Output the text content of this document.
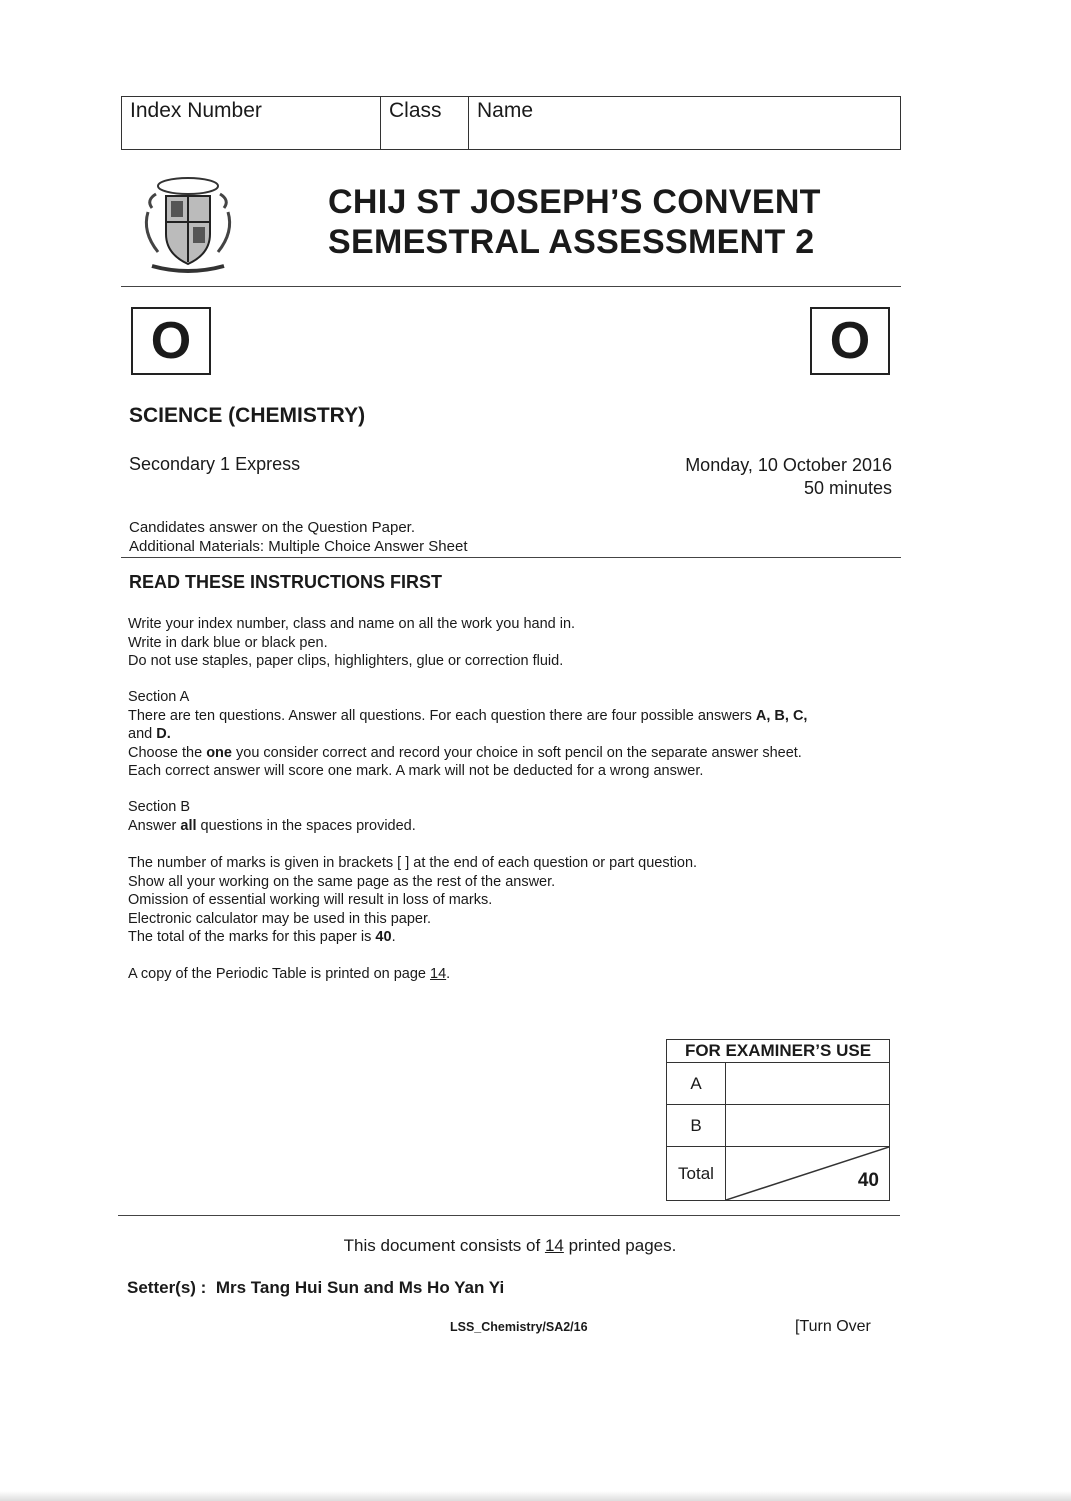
Index Number	Class	Name
CHIJ ST JOSEPH’S CONVENT
SEMESTRAL ASSESSMENT 2
O	O
SCIENCE (CHEMISTRY)
Secondary 1 Express	Monday, 10 October 2016
50 minutes
Candidates answer on the Question Paper.
Additional Materials: Multiple Choice Answer Sheet
READ THESE INSTRUCTIONS FIRST
Write your index number, class and name on all the work you hand in.
Write in dark blue or black pen.
Do not use staples, paper clips, highlighters, glue or correction fluid.
Section A
There are ten questions. Answer all questions. For each question there are four possible answers A, B, C,
and D.
Choose the one you consider correct and record your choice in soft pencil on the separate answer sheet.
Each correct answer will score one mark. A mark will not be deducted for a wrong answer.
Section B
Answer all questions in the spaces provided.
The number of marks is given in brackets [ ] at the end of each question or part question.
Show all your working on the same page as the rest of the answer.
Omission of essential working will result in loss of marks.
Electronic calculator may be used in this paper.
The total of the marks for this paper is 40.
A copy of the Periodic Table is printed on page 14.
FOR EXAMINER’S USE	
A	
B	
Total	40
This document consists of 14 printed pages.
Setter(s) : Mrs Tang Hui Sun and Ms Ho Yan Yi
LSS_Chemistry/SA2/16	[Turn Over
